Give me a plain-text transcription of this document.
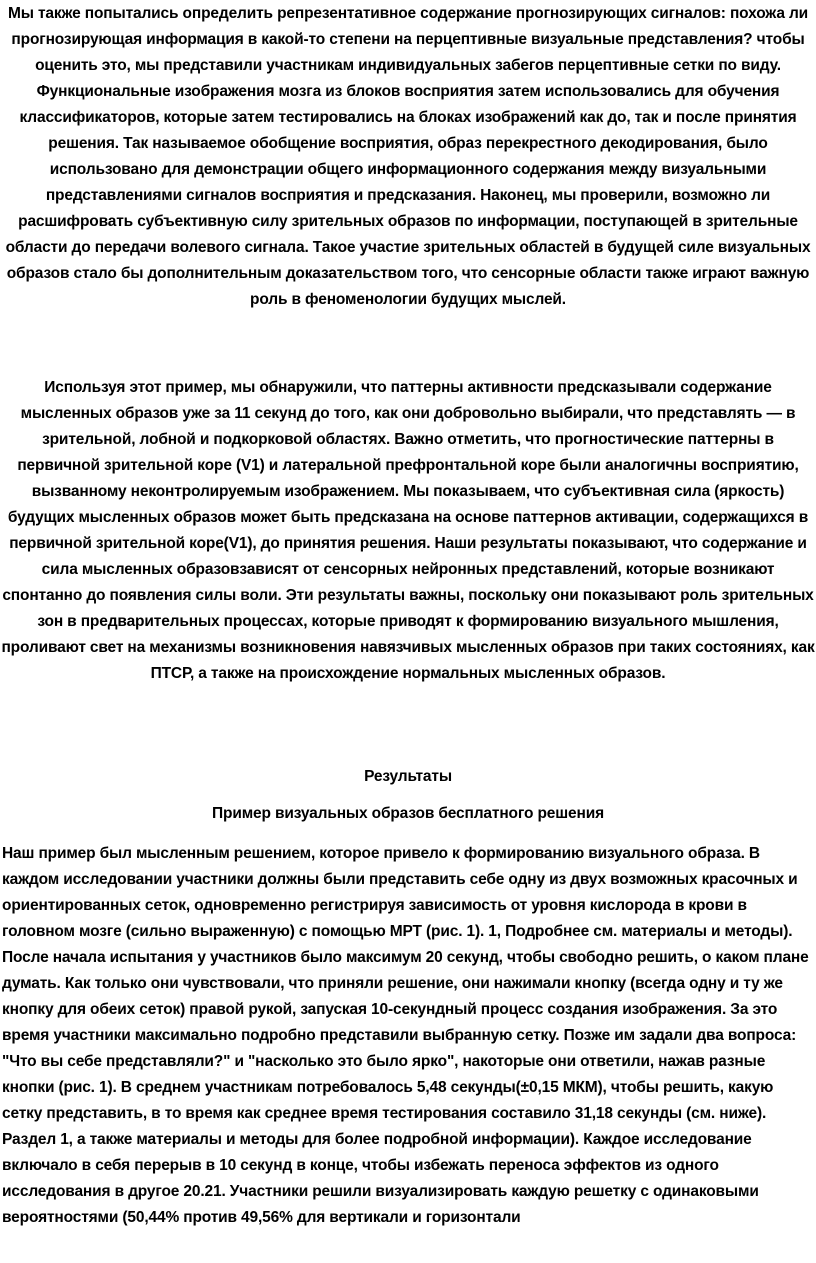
Мы также попытались определить репрезентативное содержание прогнозирующих сигналов: похожа ли прогнозирующая информация в какой-то степени на перцептивные визуальные представления? чтобы оценить это, мы представили участникам индивидуальных забегов перцептивные сетки по виду. Функциональные изображения мозга из блоков восприятия затем использовались для обучения классификаторов, которые затем тестировались на блоках изображений как до, так и после принятия решения. Так называемое обобщение восприятия, образ перекрестного декодирования, было использовано для демонстрации общего информационного содержания между визуальными представлениями сигналов восприятия и предсказания. Наконец, мы проверили, возможно ли расшифровать субъективную силу зрительных образов по информации, поступающей в зрительные области до передачи волевого сигнала. Такое участие зрительных областей в будущей силе визуальных образов стало бы дополнительным доказательством того, что сенсорные области также играют важную роль в феноменологии будущих мыслей.

Используя этот пример, мы обнаружили, что паттерны активности предсказывали содержание мысленных образов уже за 11 секунд до того, как они добровольно выбирали, что представлять — в зрительной, лобной и подкорковой областях. Важно отметить, что прогностические паттерны в первичной зрительной коре (V1) и латеральной префронтальной коре были аналогичны восприятию, вызванному неконтролируемым изображением. Мы показываем, что субъективная сила (яркость) будущих мысленных образов может быть предсказана на основе паттернов активации, содержащихся в первичной зрительной коре(V1), до принятия решения. Наши результаты показывают, что содержание и сила мысленных образовзависят от сенсорных нейронных представлений, которые возникают спонтанно до появления силы воли. Эти результаты важны, поскольку они показывают роль зрительных зон в предварительных процессах, которые приводят к формированию визуального мышления, проливают свет на механизмы возникновения навязчивых мысленных образов при таких состояниях, как ПТСР, а также на происхождение нормальных мысленных образов.

Результаты

Пример визуальных образов бесплатного решения

Наш пример был мысленным решением, которое привело к формированию визуального образа. В каждом исследовании участники должны были представить себе одну из двух возможных красочных и ориентированных сеток, одновременно регистрируя зависимость от уровня кислорода в крови в головном мозге (сильно выраженную) с помощью МРТ (рис. 1). 1, Подробнее см. материалы и методы). После начала испытания у участников было максимум 20 секунд, чтобы свободно решить, о каком плане думать. Как только они чувствовали, что приняли решение, они нажимали кнопку (всегда одну и ту же кнопку для обеих сеток) правой рукой, запуская 10-секундный процесс создания изображения. За это время участники максимально подробно представили выбранную сетку. Позже им задали два вопроса: "Что вы себе представляли?" и "насколько это было ярко", накоторые они ответили, нажав разные кнопки (рис. 1). В среднем участникам потребовалось 5,48 секунды(±0,15 МКМ), чтобы решить, какую сетку представить, в то время как среднее время тестирования составило 31,18 секунды (см. ниже). Раздел 1, а также материалы и методы для более подробной информации). Каждое исследование включало в себя перерыв в 10 секунд в конце, чтобы избежать переноса эффектов из одного исследования в другое 20.21. Участники решили визуализировать каждую решетку с одинаковыми вероятностями (50,44% против 49,56% для вертикали и горизонтали
